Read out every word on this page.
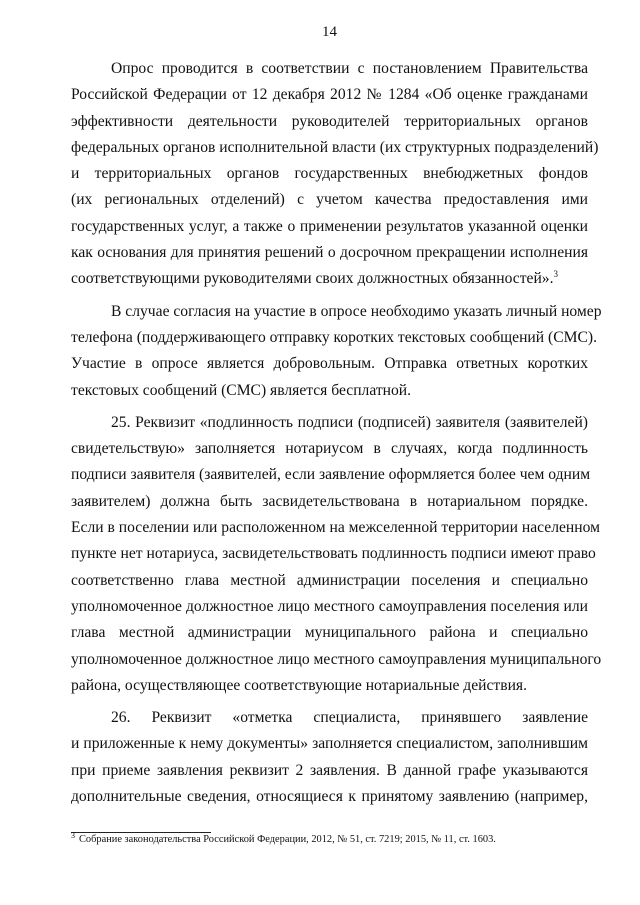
14
Опрос проводится в соответствии с постановлением Правительства
Российской Федерации от 12 декабря 2012 № 1284 «Об оценке гражданами
эффективности деятельности руководителей территориальных органов
федеральных органов исполнительной власти (их структурных подразделений)
и территориальных органов государственных внебюджетных фондов
(их региональных отделений) с учетом качества предоставления ими
государственных услуг, а также о применении результатов указанной оценки
как основания для принятия решений о досрочном прекращении исполнения
соответствующими руководителями своих должностных обязанностей».$^3$
В случае согласия на участие в опросе необходимо указать личный номер
телефона (поддерживающего отправку коротких текстовых сообщений (СМС).
Участие в опросе является добровольным. Отправка ответных коротких
текстовых сообщений (СМС) является бесплатной.
25. Реквизит «подлинность подписи (подписей) заявителя (заявителей)
свидетельствую» заполняется нотариусом в случаях, когда подлинность
подписи заявителя (заявителей, если заявление оформляется более чем одним
заявителем) должна быть засвидетельствована в нотариальном порядке.
Если в поселении или расположенном на межселенной территории населенном
пункте нет нотариуса, засвидетельствовать подлинность подписи имеют право
соответственно глава местной администрации поселения и специально
уполномоченное должностное лицо местного самоуправления поселения или
глава местной администрации муниципального района и специально
уполномоченное должностное лицо местного самоуправления муниципального
района, осуществляющее соответствующие нотариальные действия.
26. Реквизит «отметка специалиста, принявшего заявление
и приложенные к нему документы» заполняется специалистом, заполнившим
при приеме заявления реквизит 2 заявления. В данной графе указываются
дополнительные сведения, относящиеся к принятому заявлению (например,
$^3$ Собрание законодательства Российской Федерации, 2012, № 51, ст. 7219; 2015, № 11, ст. 1603.
